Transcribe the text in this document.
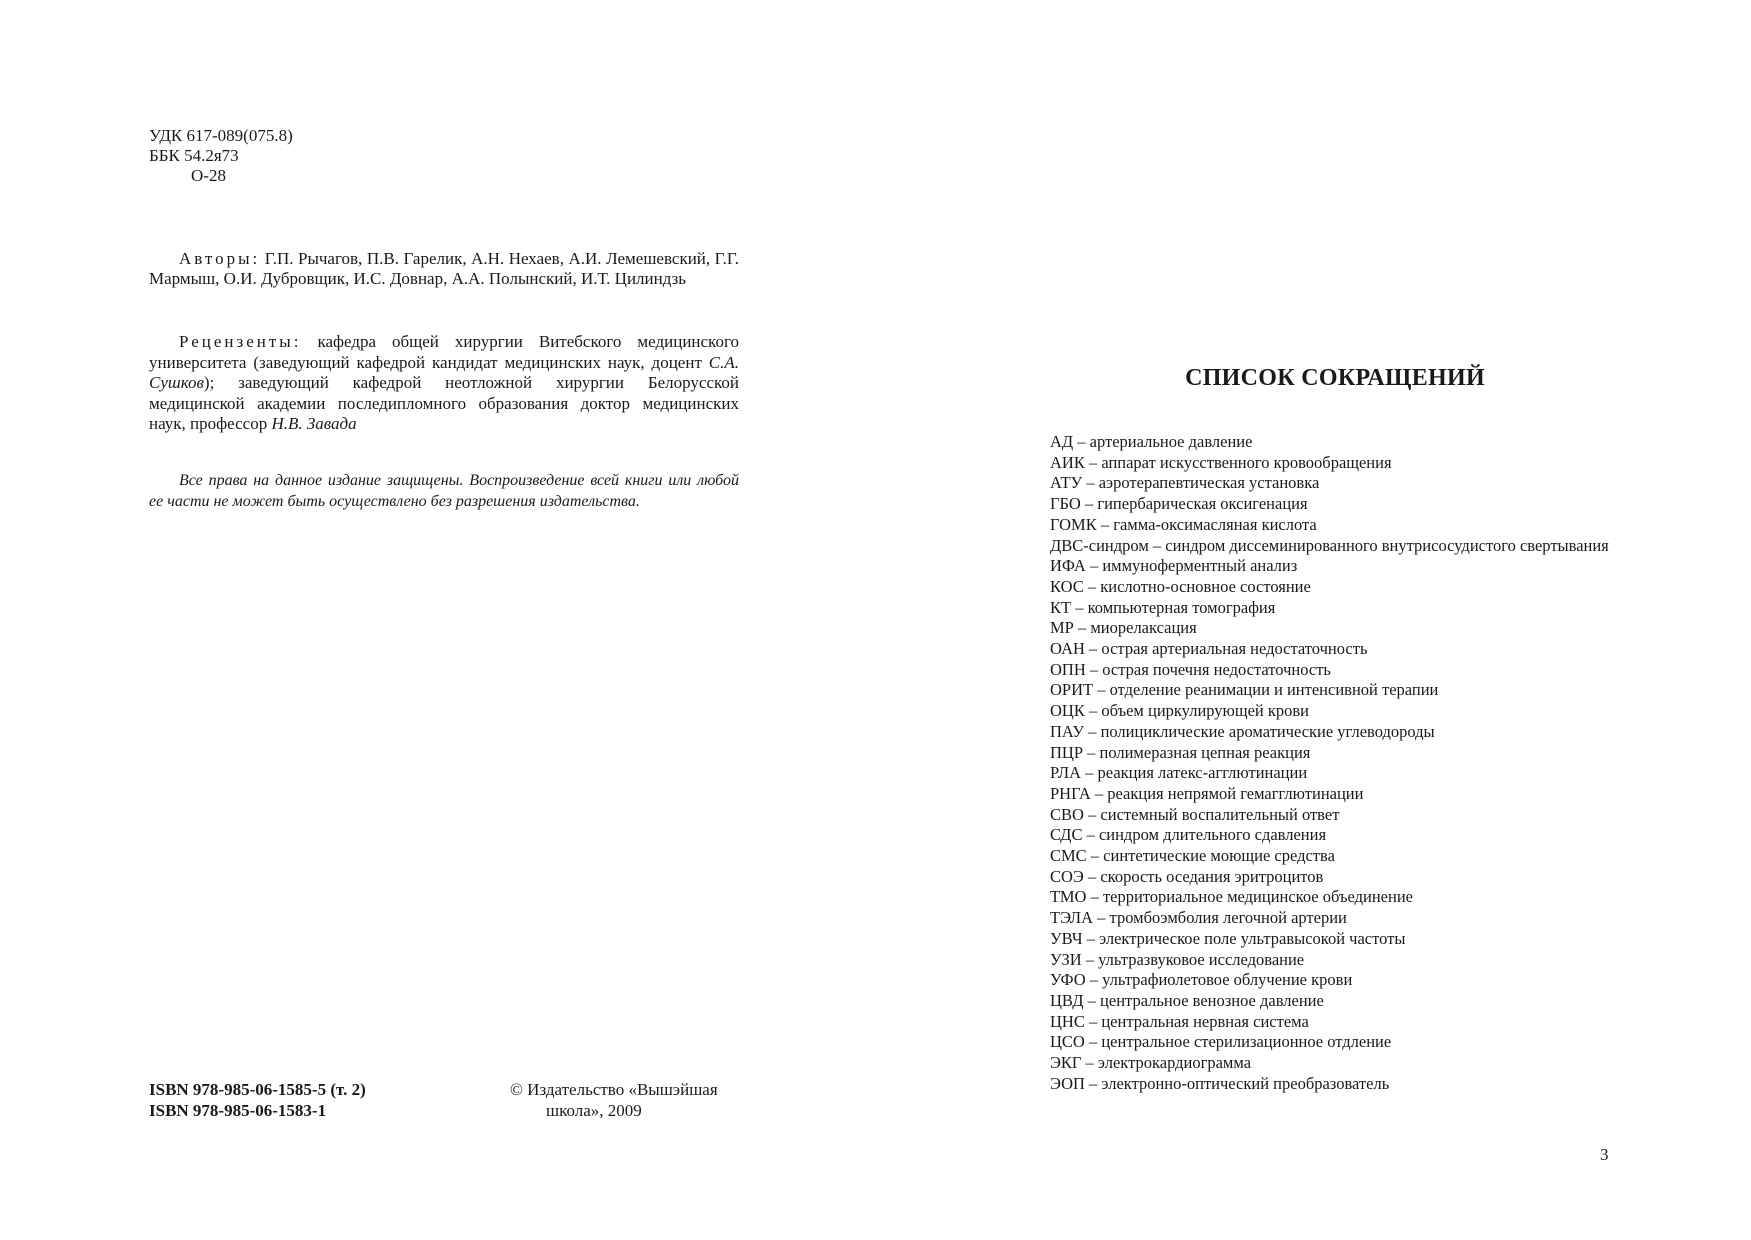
УДК 617-089(075.8)
ББК 54.2я73
О-28

Авторы: Г.П. Рычагов, П.В. Гарелик, А.Н. Нехаев, А.И. Лемешевский, Г.Г. Мармыш, О.И. Дубровщик, И.С. Довнар, А.А. Полынский, И.Т. Цилиндзь

Рецензенты: кафедра общей хирургии Витебского медицинского университета (заведующий кафедрой кандидат медицинских наук, доцент С.А. Сушков); заведующий кафедрой неотложной хирургии Белорусской медицинской академии последипломного образования доктор медицинских наук, профессор Н.В. Завада

Все права на данное издание защищены. Воспроизведение всей книги или любой ее части не может быть осуществлено без разрешения издательства.

ISBN 978-985-06-1585-5 (т. 2)
ISBN 978-985-06-1583-1
© Издательство «Вышэйшая
школа», 2009
СПИСОК СОКРАЩЕНИЙ
АД – артериальное давление
АИК – аппарат искусственного кровообращения
АТУ – аэротерапевтическая установка
ГБО – гипербарическая оксигенация
ГОМК – гамма-оксимасляная кислота
ДВС-синдром – синдром диссеминированного внутрисосудистого свертывания
ИФА – иммуноферментный анализ
КОС – кислотно-основное состояние
КТ – компьютерная томография
МР – миорелаксация
ОАН – острая артериальная недостаточность
ОПН – острая почечня недостаточность
ОРИТ – отделение реанимации и интенсивной терапии
ОЦК – объем циркулирующей крови
ПАУ – полициклические ароматические углеводороды
ПЦР – полимеразная цепная реакция
РЛА – реакция латекс-агглютинации
РНГА – реакция непрямой гемагглютинации
СВО – системный воспалительный ответ
СДС – синдром длительного сдавления
СМС – синтетические моющие средства
СОЭ – скорость оседания эритроцитов
ТМО – территориальное медицинское объединение
ТЭЛА – тромбоэмболия легочной артерии
УВЧ – электрическое поле ультравысокой частоты
УЗИ – ультразвуковое исследование
УФО – ультрафиолетовое облучение крови
ЦВД – центральное венозное давление
ЦНС – центральная нервная система
ЦСО – центральное стерилизационное отдление
ЭКГ – электрокардиограмма
ЭОП – электронно-оптический преобразователь
3
